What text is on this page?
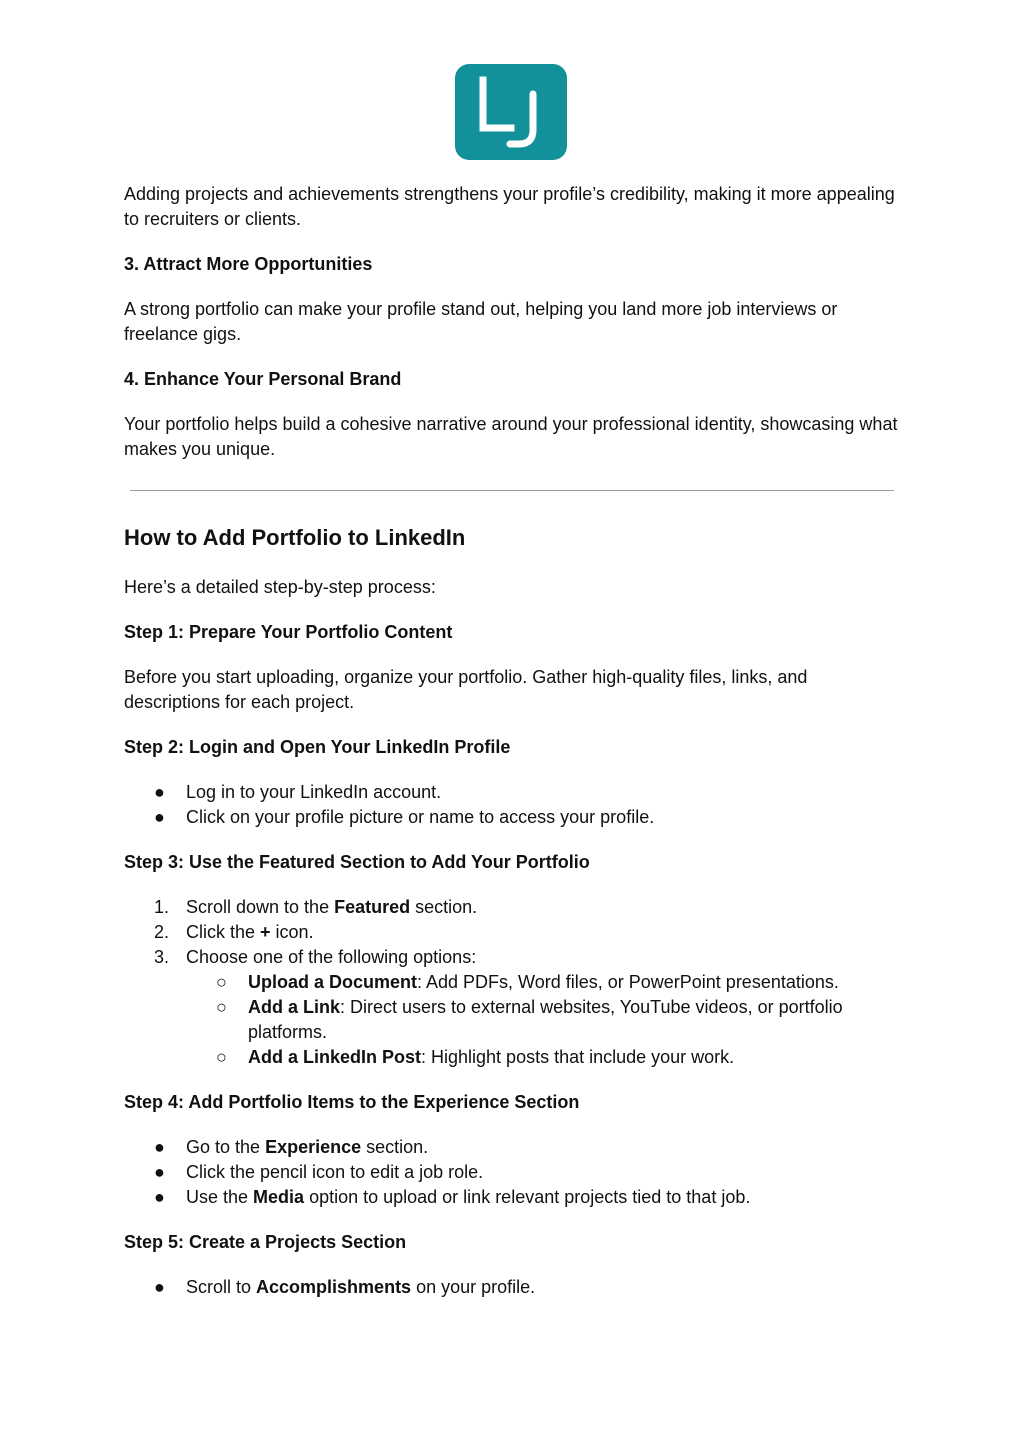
Adding projects and achievements strengthens your profile’s credibility, making it more appealing to recruiters or clients.

3. Attract More Opportunities

A strong portfolio can make your profile stand out, helping you land more job interviews or freelance gigs.

4. Enhance Your Personal Brand

Your portfolio helps build a cohesive narrative around your professional identity, showcasing what makes you unique.

How to Add Portfolio to LinkedIn

Here’s a detailed step-by-step process:

Step 1: Prepare Your Portfolio Content

Before you start uploading, organize your portfolio. Gather high-quality files, links, and descriptions for each project.

Step 2: Login and Open Your LinkedIn Profile

● Log in to your LinkedIn account.
● Click on your profile picture or name to access your profile.

Step 3: Use the Featured Section to Add Your Portfolio

1. Scroll down to the Featured section.
2. Click the + icon.
3. Choose one of the following options:
○ Upload a Document: Add PDFs, Word files, or PowerPoint presentations.
○ Add a Link: Direct users to external websites, YouTube videos, or portfolio platforms.
○ Add a LinkedIn Post: Highlight posts that include your work.

Step 4: Add Portfolio Items to the Experience Section

● Go to the Experience section.
● Click the pencil icon to edit a job role.
● Use the Media option to upload or link relevant projects tied to that job.

Step 5: Create a Projects Section

● Scroll to Accomplishments on your profile.
